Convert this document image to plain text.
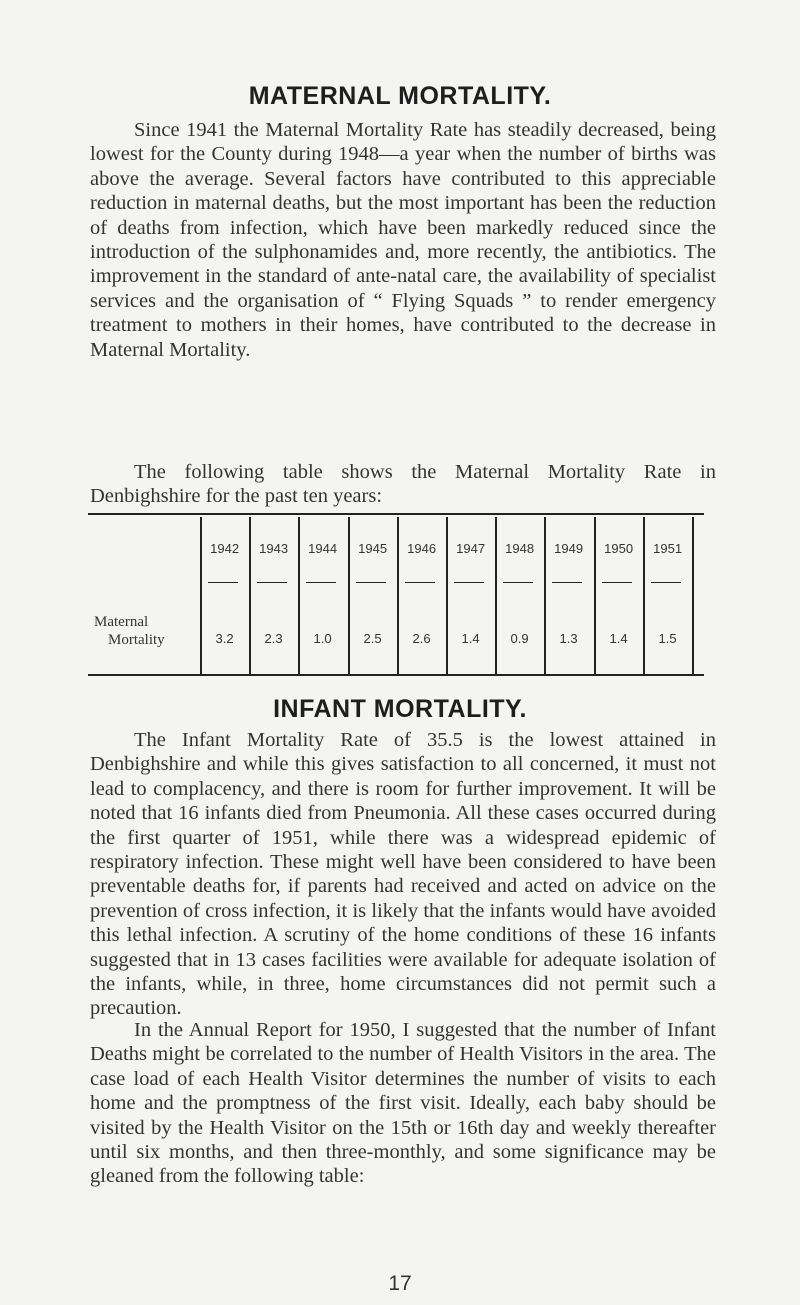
MATERNAL MORTALITY.

Since 1941 the Maternal Mortality Rate has steadily decreased, being lowest for the County during 1948—a year when the number of births was above the average. Several factors have contributed to this appreciable reduction in maternal deaths, but the most important has been the reduction of deaths from infection, which have been markedly reduced since the introduction of the sulphonamides and, more recently, the antibiotics. The improvement in the standard of ante-natal care, the availability of specialist services and the organisation of “ Flying Squads ” to render emergency treatment to mothers in their homes, have contributed to the decrease in Maternal Mortality.

The following table shows the Maternal Mortality Rate in Denbighshire for the past ten years:

Maternal
Mortality
1942
3.2
1943
2.3
1944
1.0
1945
2.5
1946
2.6
1947
1.4
1948
0.9
1949
1.3
1950
1.4
1951
1.5
INFANT MORTALITY.

The Infant Mortality Rate of 35.5 is the lowest attained in Denbighshire and while this gives satisfaction to all concerned, it must not lead to complacency, and there is room for further improvement. It will be noted that 16 infants died from Pneumonia. All these cases occurred during the first quarter of 1951, while there was a widespread epidemic of respiratory infection. These might well have been considered to have been preventable deaths for, if parents had received and acted on advice on the prevention of cross infection, it is likely that the infants would have avoided this lethal infection. A scrutiny of the home conditions of these 16 infants suggested that in 13 cases facilities were available for adequate isolation of the infants, while, in three, home circumstances did not permit such a precaution.

In the Annual Report for 1950, I suggested that the number of Infant Deaths might be correlated to the number of Health Visitors in the area. The case load of each Health Visitor determines the number of visits to each home and the promptness of the first visit. Ideally, each baby should be visited by the Health Visitor on the 15th or 16th day and weekly thereafter until six months, and then three-monthly, and some significance may be gleaned from the following table:

17
